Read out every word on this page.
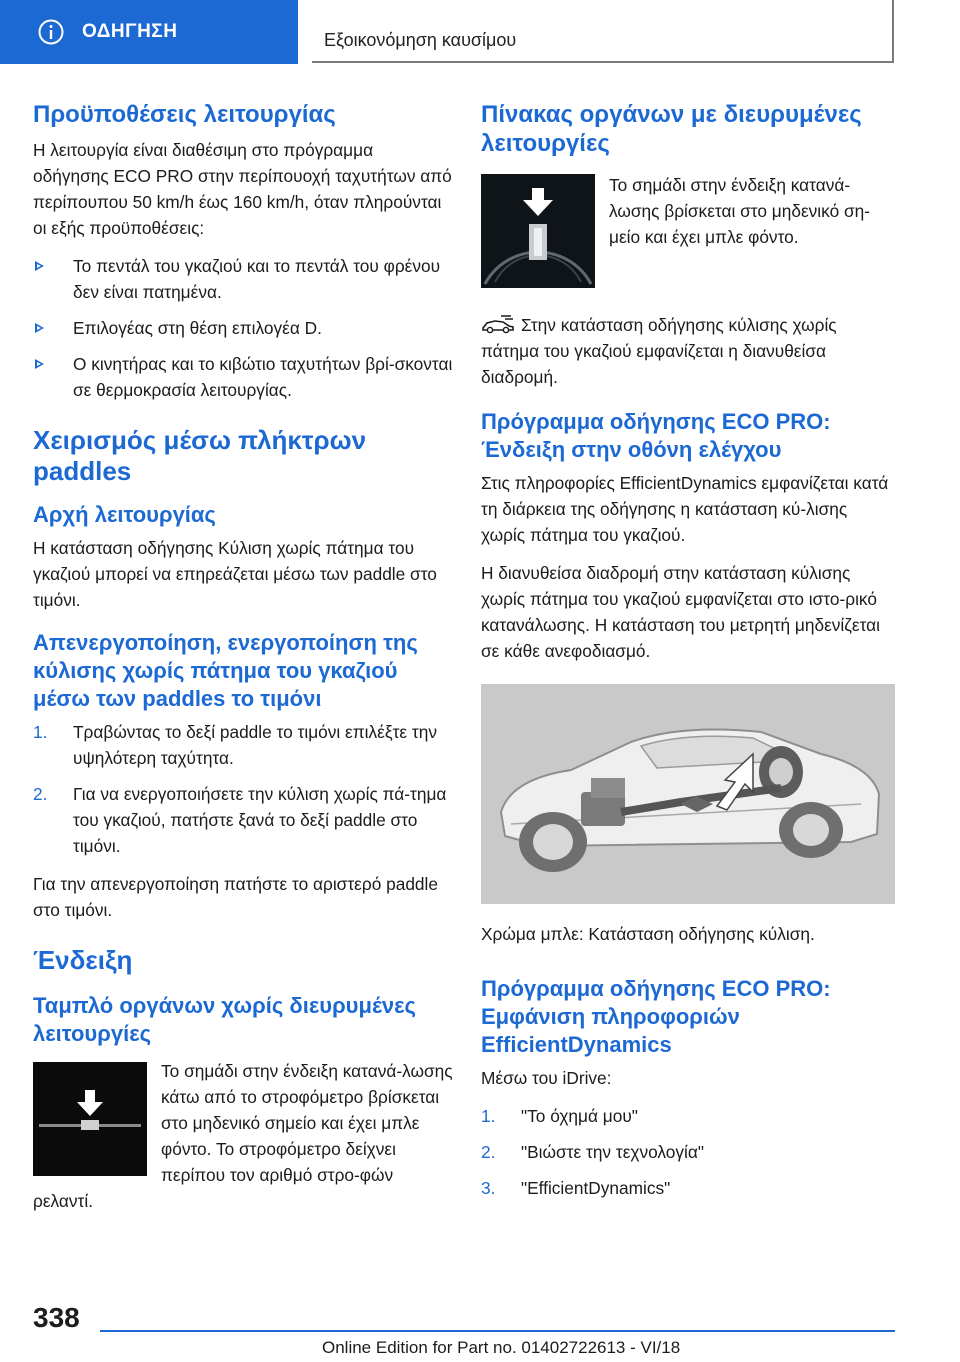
ΟΔΗΓΗΣΗ	Εξοικονόμηση καυσίμου
Προϋποθέσεις λειτουργίας

Η λειτουργία είναι διαθέσιμη στο πρόγραμμα οδήγησης ECO PRO στην περίπουοχή ταχυτήτων από περίπουπου 50 km/h έως 160 km/h, όταν πληρούνται οι εξής προϋποθέσεις:

Το πεντάλ του γκαζιού και το πεντάλ του φρένου δεν είναι πατημένα.
Επιλογέας στη θέση επιλογέα D.
Ο κινητήρας και το κιβώτιο ταχυτήτων βρί-σκονται σε θερμοκρασία λειτουργίας.
Χειρισμός μέσω πλήκτρων paddles
Αρχή λειτουργίας

Η κατάσταση οδήγησης Κύλιση χωρίς πάτημα του γκαζιού μπορεί να επηρεάζεται μέσω των paddle στο τιμόνι.

Απενεργοποίηση, ενεργοποίηση της κύλισης χωρίς πάτημα του γκαζιού μέσω των paddles το τιμόνι
1. Τραβώντας το δεξί paddle το τιμόνι επιλέξτε την υψηλότερη ταχύτητα.
2. Για να ενεργοποιήσετε την κύλιση χωρίς πά-τημα του γκαζιού, πατήστε ξανά το δεξί paddle στο τιμόνι.

Για την απενεργοποίηση πατήστε το αριστερό paddle στο τιμόνι.

Ένδειξη
Ταμπλό οργάνων χωρίς διευρυμένες λειτουργίες

Το σημάδι στην ένδειξη κατανά-λωσης κάτω από το στροφόμετρο βρίσκεται στο μηδενικό σημείο και έχει μπλε φόντο. Το στροφόμετρο δείχνει περίπου τον αριθμό στρο-φών ρελαντί.

Πίνακας οργάνων με διευρυμένες λειτουργίες

Το σημάδι στην ένδειξη κατανά-λωσης βρίσκεται στο μηδενικό ση-μείο και έχει μπλε φόντο.

Στην κατάσταση οδήγησης κύλισης χωρίς πάτημα του γκαζιού εμφανίζεται η διανυθείσα διαδρομή.

Πρόγραμμα οδήγησης ECO PRO: Ένδειξη στην οθόνη ελέγχου

Στις πληροφορίες EfficientDynamics εμφανίζεται κατά τη διάρκεια της οδήγησης η κατάσταση κύ-λισης χωρίς πάτημα του γκαζιού.

Η διανυθείσα διαδρομή στην κατάσταση κύλισης χωρίς πάτημα του γκαζιού εμφανίζεται στο ιστο-ρικό κατανάλωσης. Η κατάσταση του μετρητή μηδενίζεται σε κάθε ανεφοδιασμό.

Χρώμα μπλε: Κατάσταση οδήγησης κύλιση.

Πρόγραμμα οδήγησης ECO PRO: Εμφάνιση πληροφοριών EfficientDynamics

Μέσω του iDrive:

1. "Το όχημά μου"
2. "Βιώστε την τεχνολογία"
3. "EfficientDynamics"
338
Online Edition for Part no. 01402722613 - VI/18
